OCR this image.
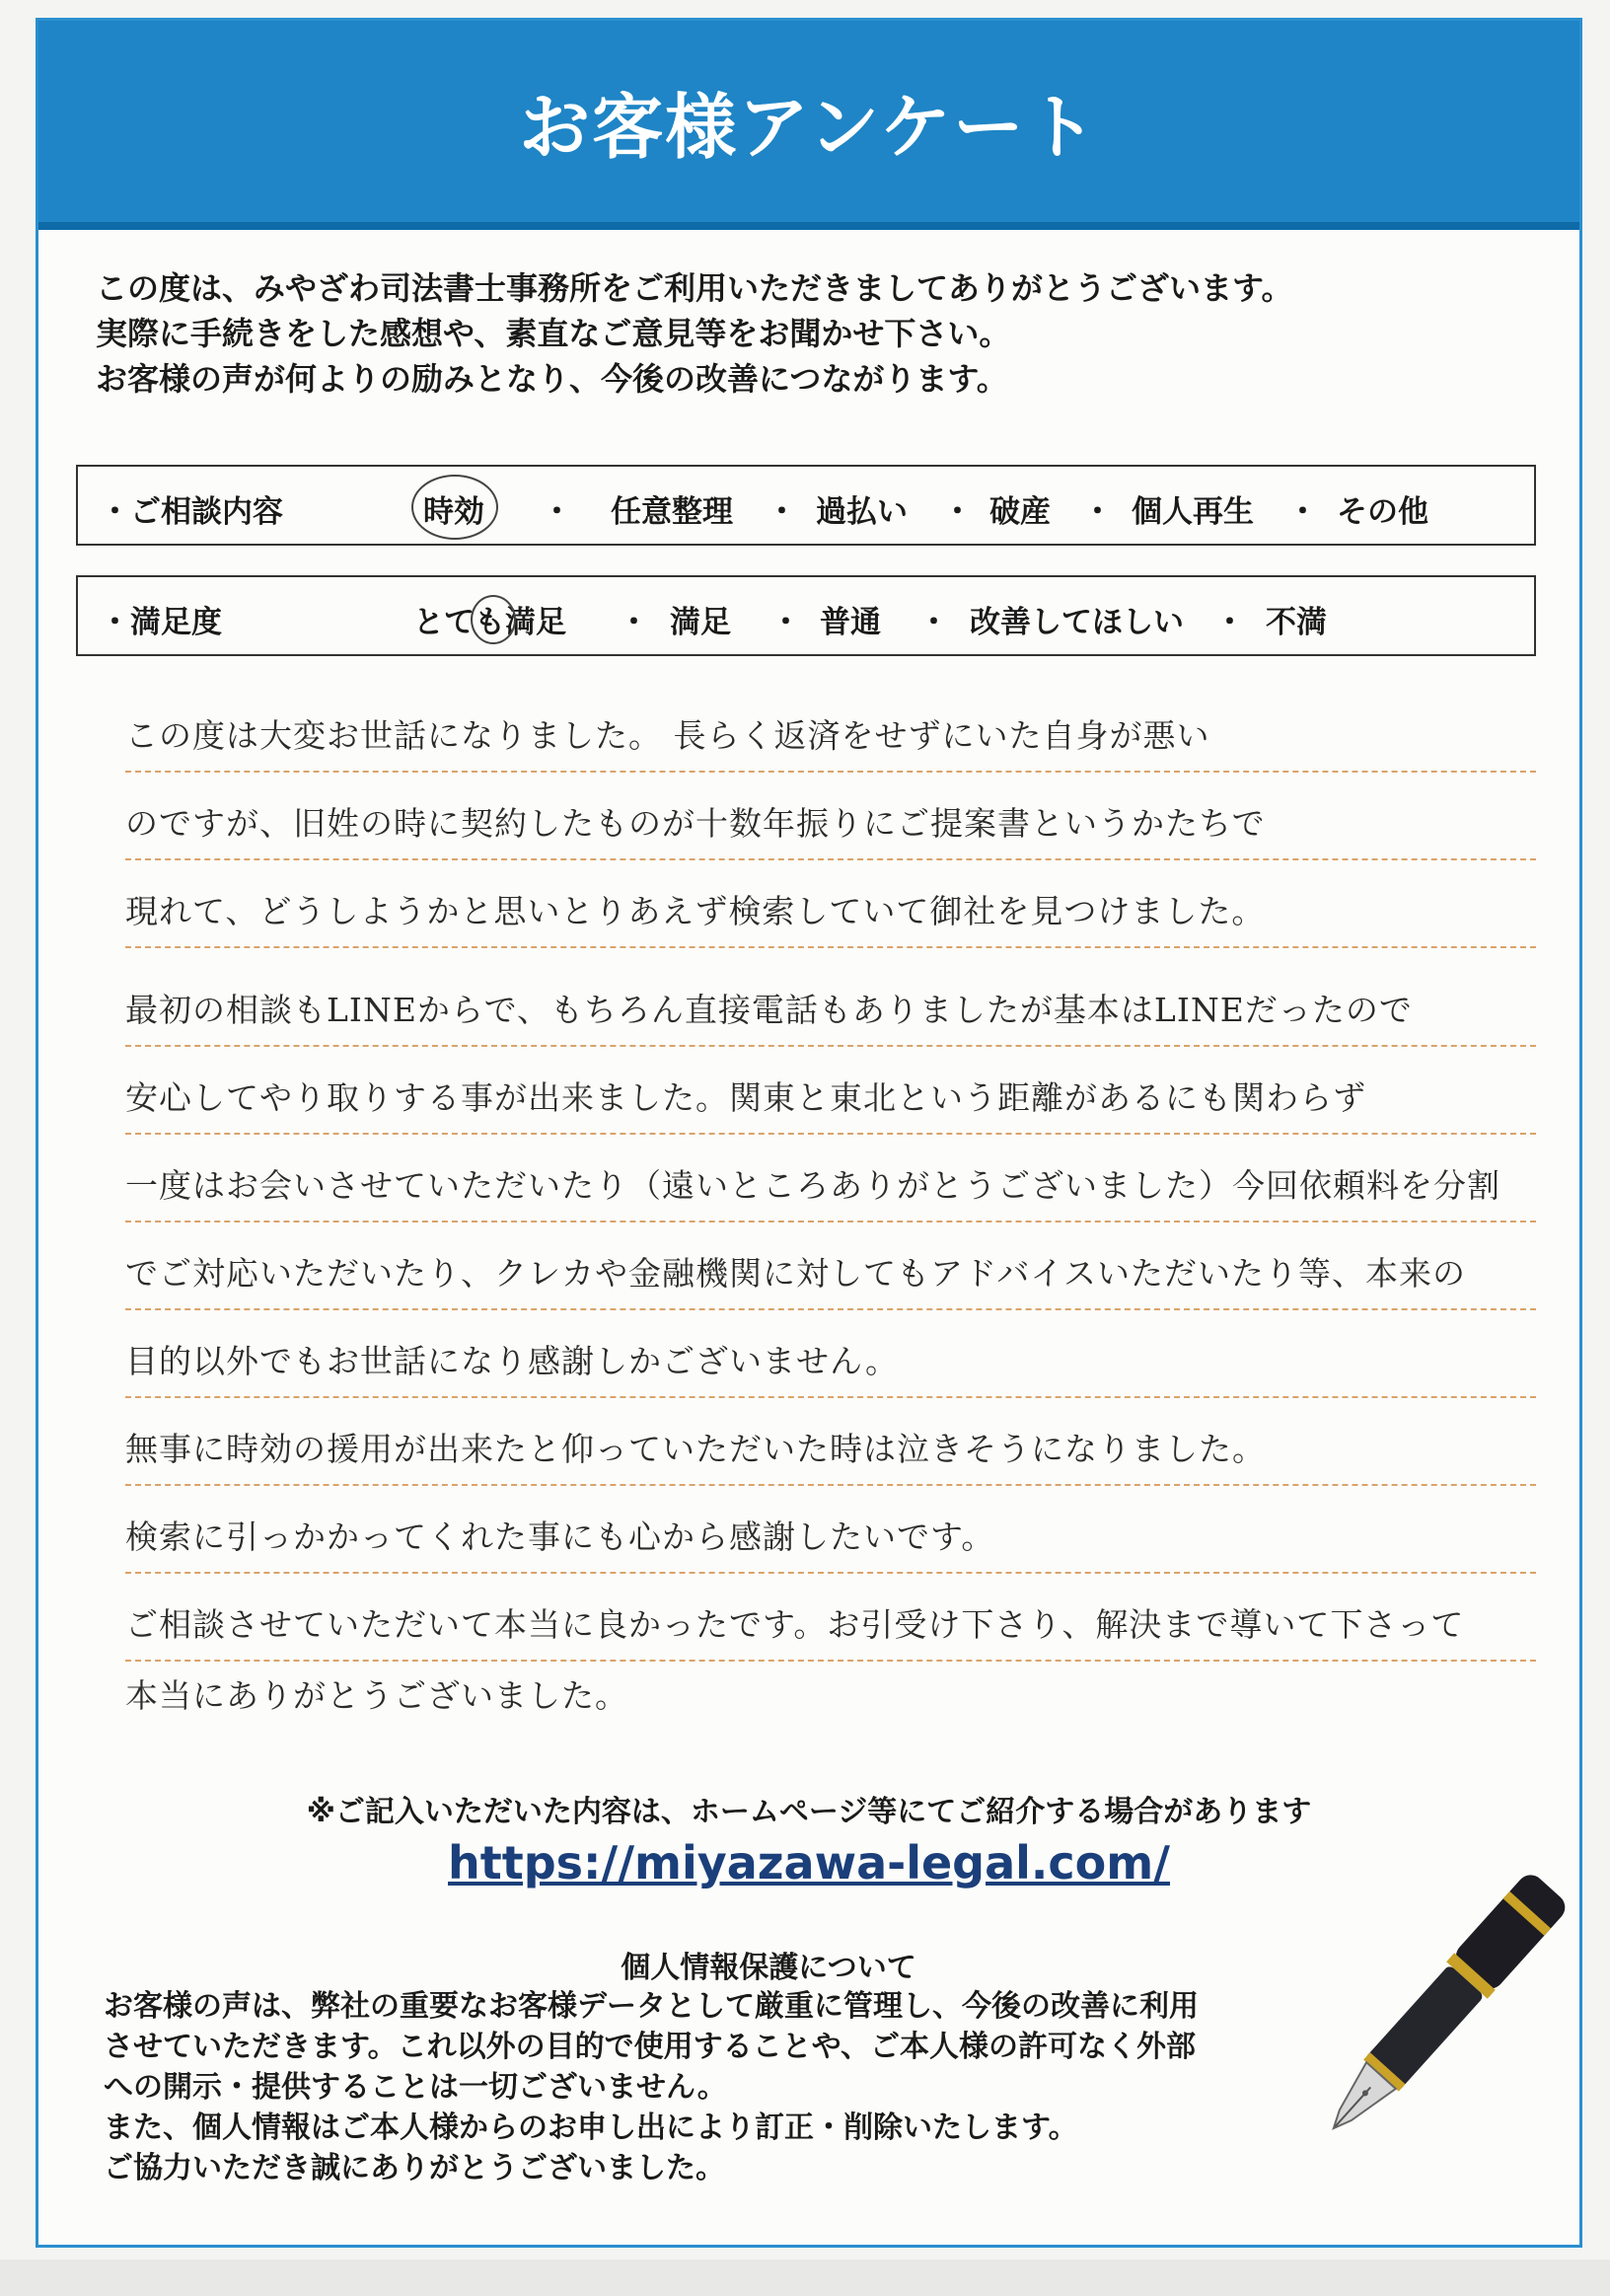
お客様アンケート

この度は、みやざわ司法書士事務所をご利用いただきましてありがとうございます。

実際に手続きをした感想や、素直なご意見等をお聞かせ下さい。

お客様の声が何よりの励みとなり、今後の改善につながります。

・ご相談内容	時効 ・ 任意整理 ・ 過払い ・ 破産 ・ 個人再生 ・ その他
・満足度	とても満足 ・ 満足 ・ 普通 ・ 改善してほしい ・ 不満
この度は大変お世話になりました。 長らく返済をせずにいた自身が悪い
のですが、旧姓の時に契約したものが十数年振りにご提案書というかたちで
現れて、どうしようかと思いとりあえず検索していて御社を見つけました。
最初の相談もLINEからで、もちろん直接電話もありましたが基本はLINEだったので
安心してやり取りする事が出来ました。関東と東北という距離があるにも関わらず
一度はお会いさせていただいたり（遠いところありがとうございました）今回依頼料を分割
でご対応いただいたり、クレカや金融機関に対してもアドバイスいただいたり等、本来の
目的以外でもお世話になり感謝しかございません。
無事に時効の援用が出来たと仰っていただいた時は泣きそうになりました。
検索に引っかかってくれた事にも心から感謝したいです。
ご相談させていただいて本当に良かったです。お引受け下さり、解決まで導いて下さって
本当にありがとうございました。
※ご記入いただいた内容は、ホームページ等にてご紹介する場合があります
https://miyazawa-legal.com/
個人情報保護について

お客様の声は、弊社の重要なお客様データとして厳重に管理し、今後の改善に利用

させていただきます。これ以外の目的で使用することや、ご本人様の許可なく外部

への開示・提供することは一切ございません。

また、個人情報はご本人様からのお申し出により訂正・削除いたします。

ご協力いただき誠にありがとうございました。
